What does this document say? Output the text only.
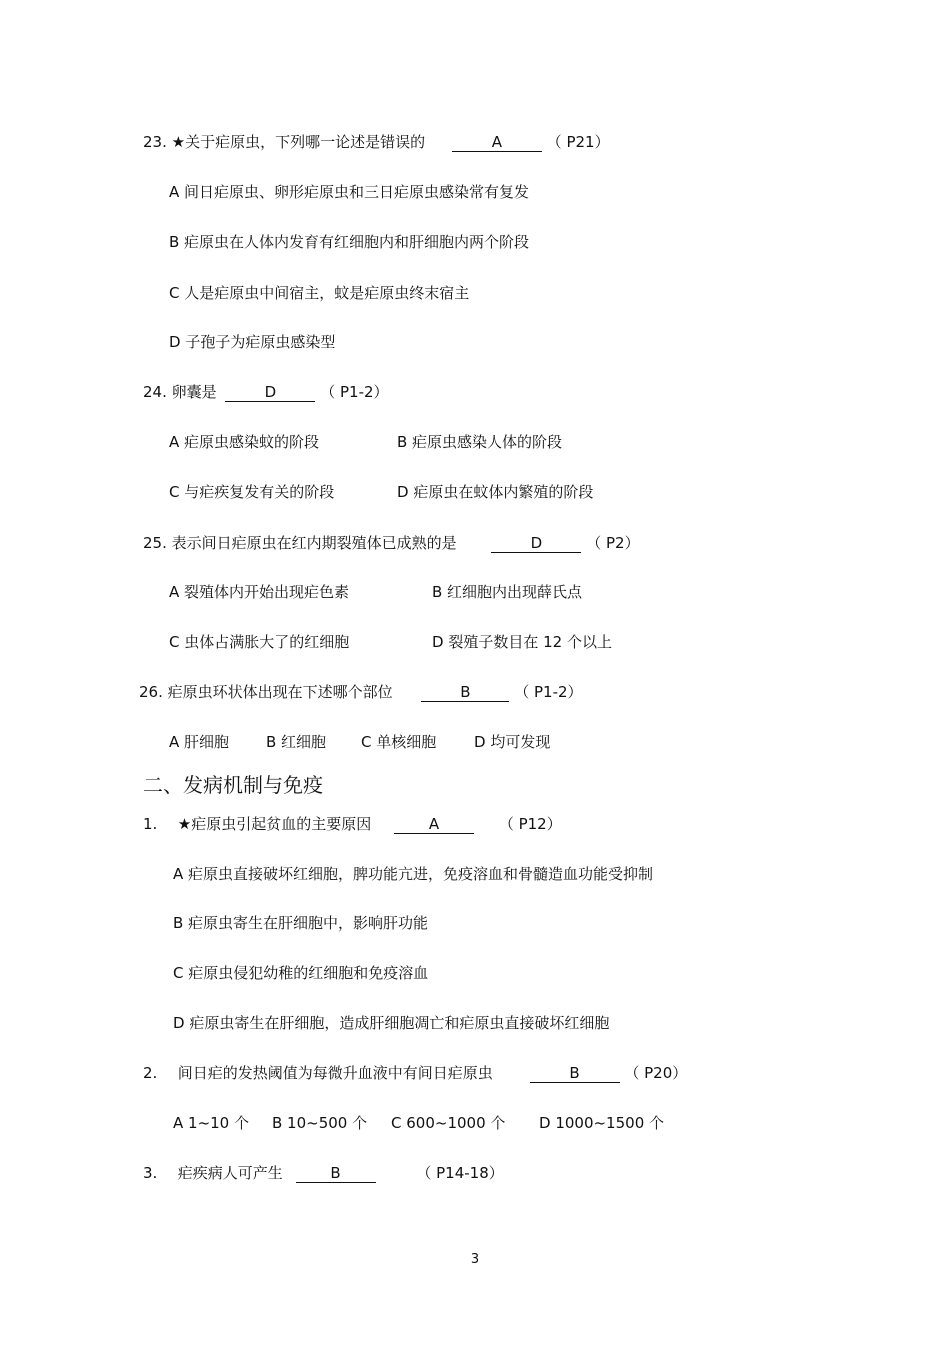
23. ★关于疟原虫，下列哪一论述是错误的	A	（ P21）
A 间日疟原虫、卵形疟原虫和三日疟原虫感染常有复发
B 疟原虫在人体内发育有红细胞内和肝细胞内两个阶段
C 人是疟原虫中间宿主，蚊是疟原虫终末宿主
D 子孢子为疟原虫感染型
24. 卵囊是	D	（ P1-2）
A 疟原虫感染蚊的阶段	B 疟原虫感染人体的阶段
C 与疟疾复发有关的阶段	D 疟原虫在蚊体内繁殖的阶段
25. 表示间日疟原虫在红内期裂殖体已成熟的是	D	（ P2）
A 裂殖体内开始出现疟色素	B 红细胞内出现薛氏点
C 虫体占满胀大了的红细胞	D 裂殖子数目在 12 个以上
26. 疟原虫环状体出现在下述哪个部位	B	（ P1-2）
A 肝细胞 B 红细胞 C 单核细胞	D 均可发现
二、发病机制与免疫
1. ★疟原虫引起贫血的主要原因	A	（ P12）
A 疟原虫直接破坏红细胞，脾功能亢进，免疫溶血和骨髓造血功能受抑制
B 疟原虫寄生在肝细胞中，影响肝功能
C 疟原虫侵犯幼稚的红细胞和免疫溶血
D 疟原虫寄生在肝细胞，造成肝细胞凋亡和疟原虫直接破坏红细胞
2. 间日疟的发热阈值为每微升血液中有间日疟原虫	B	（ P20）
A 1~10 个 B 10~500 个 C 600~1000 个 D 1000~1500 个
3. 疟疾病人可产生	B	（ P14-18）
3
